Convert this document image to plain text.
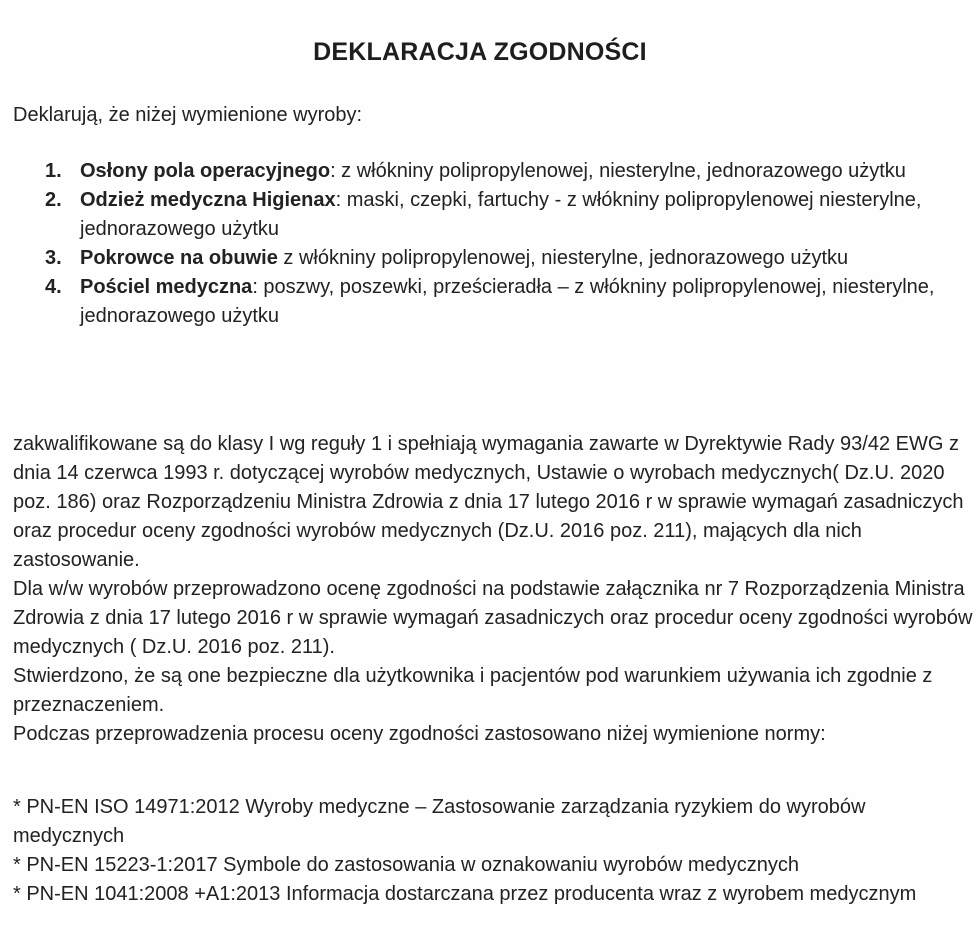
DEKLARACJA ZGODNOŚCI
Deklarują, że niżej wymienione wyroby:
1. Osłony pola operacyjnego: z włókniny polipropylenowej, niesterylne, jednorazowego użytku
2. Odzież medyczna Higienax: maski, czepki, fartuchy - z włókniny polipropylenowej niesterylne, jednorazowego użytku
3. Pokrowce na obuwie z włókniny polipropylenowej, niesterylne, jednorazowego użytku
4. Pościel medyczna: poszwy, poszewki, prześcieradła – z włókniny polipropylenowej, niesterylne, jednorazowego użytku

zakwalifikowane są do klasy I wg reguły 1 i spełniają wymagania zawarte w Dyrektywie Rady 93/42 EWG z dnia 14 czerwca 1993 r. dotyczącej wyrobów medycznych, Ustawie o wyrobach medycznych( Dz.U. 2020 poz. 186) oraz Rozporządzeniu Ministra Zdrowia z dnia 17 lutego 2016 r w sprawie wymagań zasadniczych oraz procedur oceny zgodności wyrobów medycznych (Dz.U. 2016 poz. 211), mających dla nich zastosowanie.

Dla w/w wyrobów przeprowadzono ocenę zgodności na podstawie załącznika nr 7 Rozporządzenia Ministra Zdrowia z dnia 17 lutego 2016 r w sprawie wymagań zasadniczych oraz procedur oceny zgodności wyrobów medycznych ( Dz.U. 2016 poz. 211).

Stwierdzono, że są one bezpieczne dla użytkownika i pacjentów pod warunkiem używania ich zgodnie z przeznaczeniem.

Podczas przeprowadzenia procesu oceny zgodności zastosowano niżej wymienione normy:

* PN-EN ISO 14971:2012 Wyroby medyczne – Zastosowanie zarządzania ryzykiem do wyrobów medycznych

* PN-EN 15223-1:2017 Symbole do zastosowania w oznakowaniu wyrobów medycznych

* PN-EN 1041:2008 +A1:2013 Informacja dostarczana przez producenta wraz z wyrobem medycznym
